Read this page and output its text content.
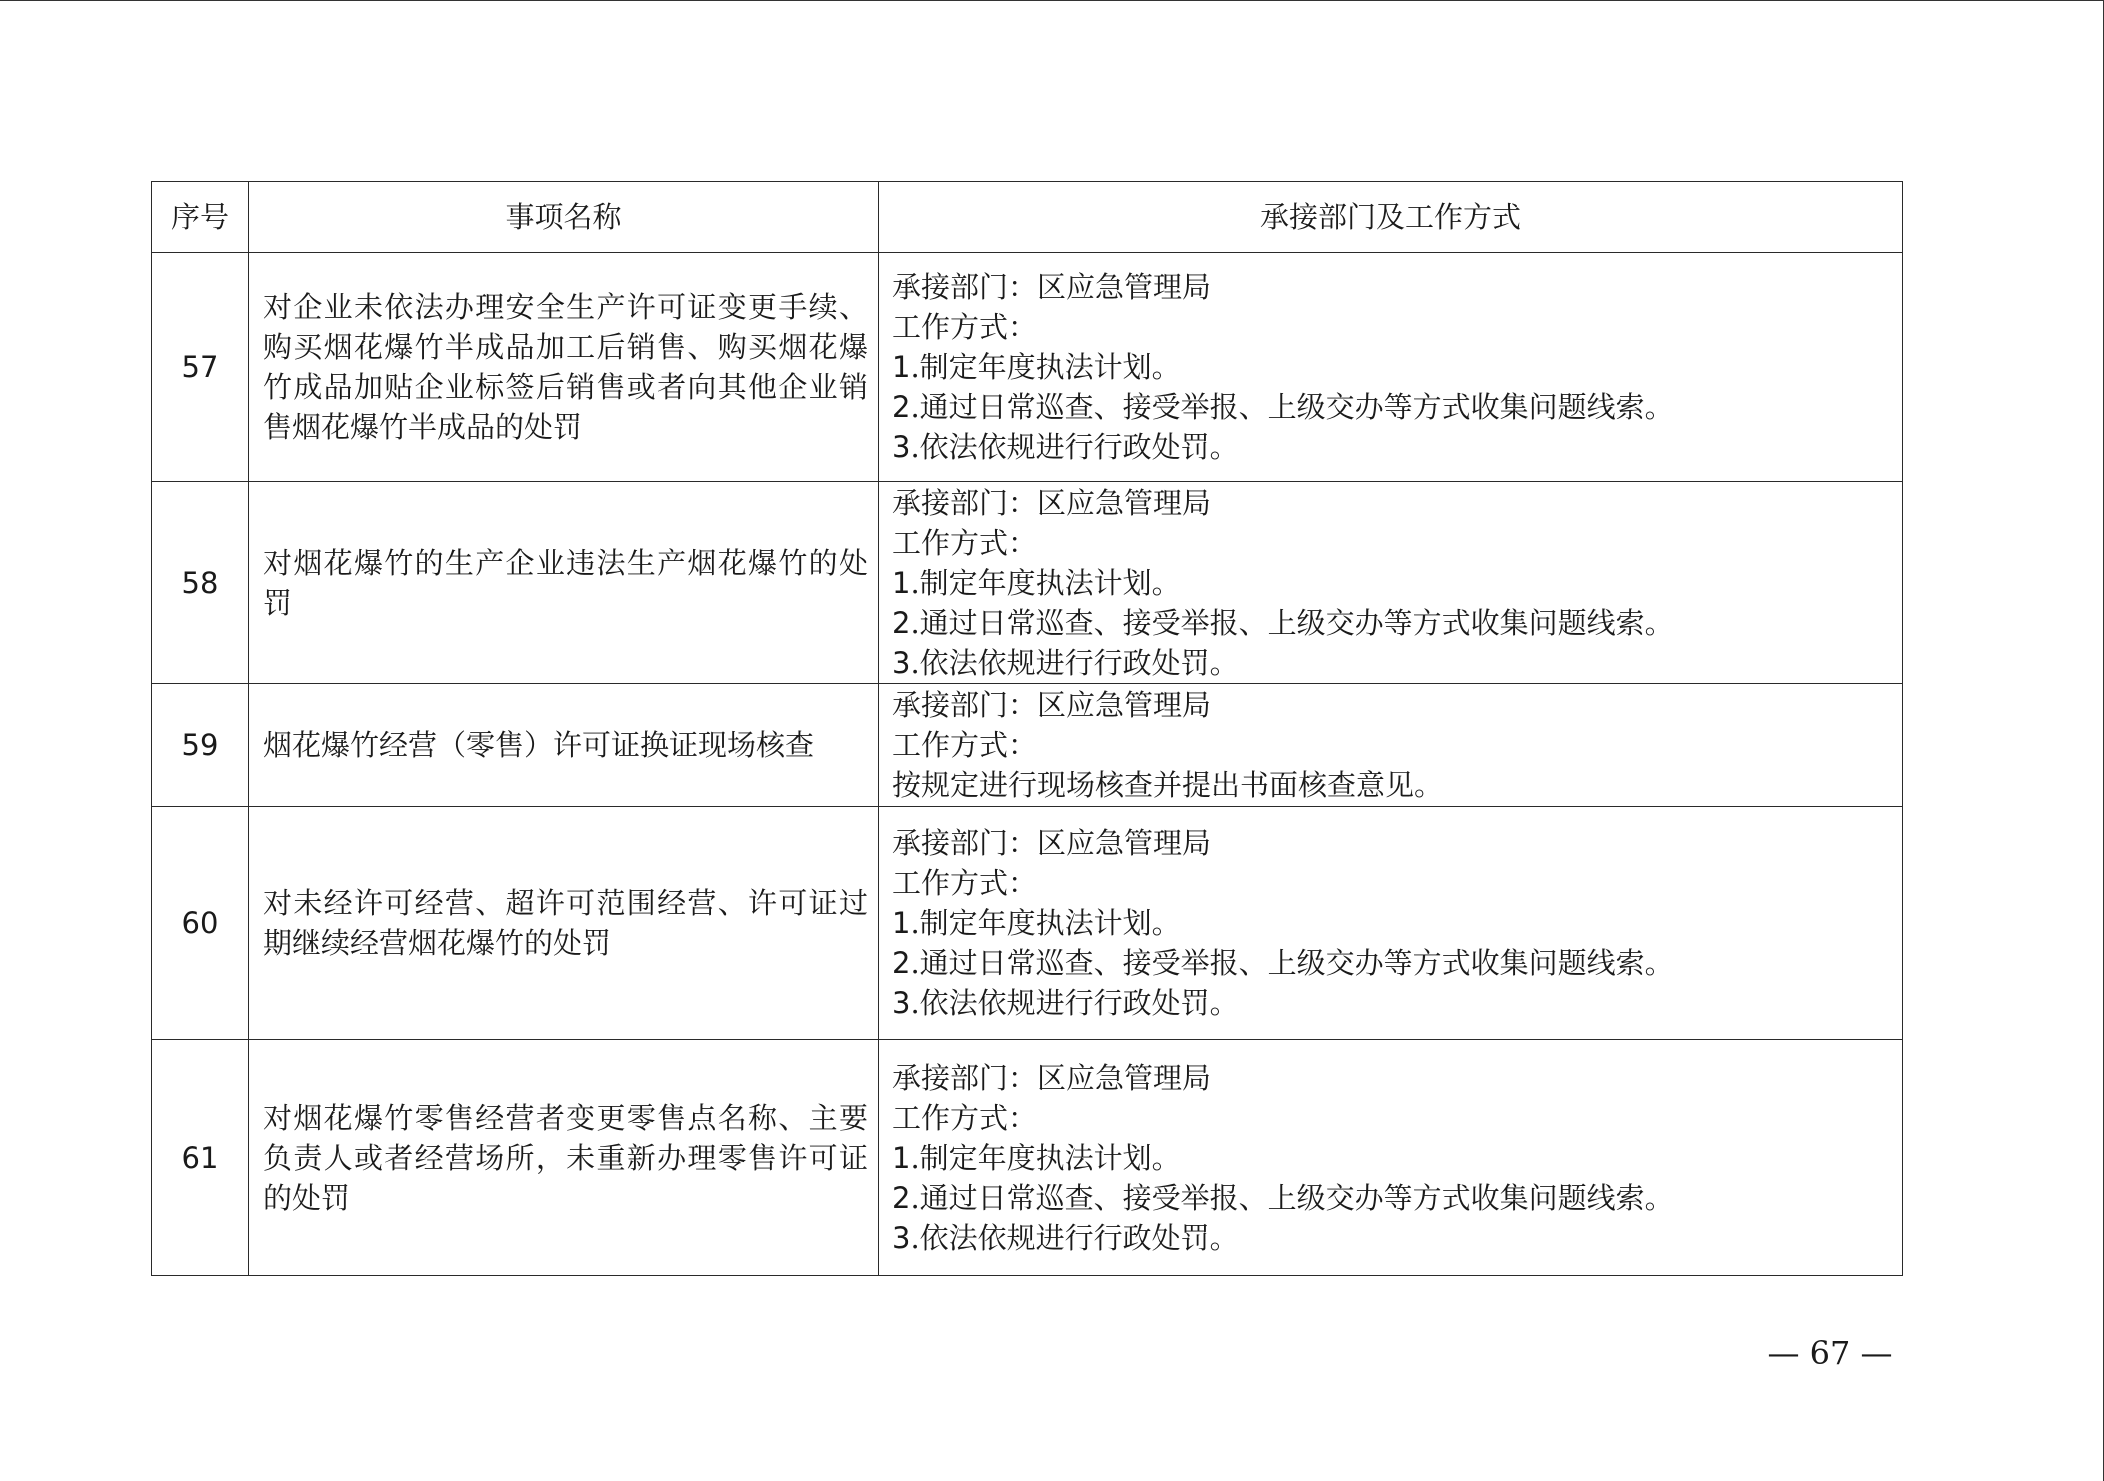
序号	事项名称	承接部门及工作方式
57	对企业未依法办理安全生产许可证变更手续、购买烟花爆竹半成品加工后销售、购买烟花爆竹成品加贴企业标签后销售或者向其他企业销售烟花爆竹半成品的处罚	承接部门：区应急管理局
工作方式：
1.制定年度执法计划。
2.通过日常巡查、接受举报、上级交办等方式收集问题线索。
3.依法依规进行行政处罚。

58	对烟花爆竹的生产企业违法生产烟花爆竹的处罚	承接部门：区应急管理局
工作方式：
1.制定年度执法计划。
2.通过日常巡查、接受举报、上级交办等方式收集问题线索。
3.依法依规进行行政处罚。

59	烟花爆竹经营（零售）许可证换证现场核查	承接部门：区应急管理局
工作方式：
按规定进行现场核查并提出书面核查意见。

60	对未经许可经营、超许可范围经营、许可证过期继续经营烟花爆竹的处罚	承接部门：区应急管理局
工作方式：
1.制定年度执法计划。
2.通过日常巡查、接受举报、上级交办等方式收集问题线索。
3.依法依规进行行政处罚。

61	对烟花爆竹零售经营者变更零售点名称、主要负责人或者经营场所，未重新办理零售许可证的处罚	承接部门：区应急管理局
工作方式：
1.制定年度执法计划。
2.通过日常巡查、接受举报、上级交办等方式收集问题线索。
3.依法依规进行行政处罚。
— 67 —
